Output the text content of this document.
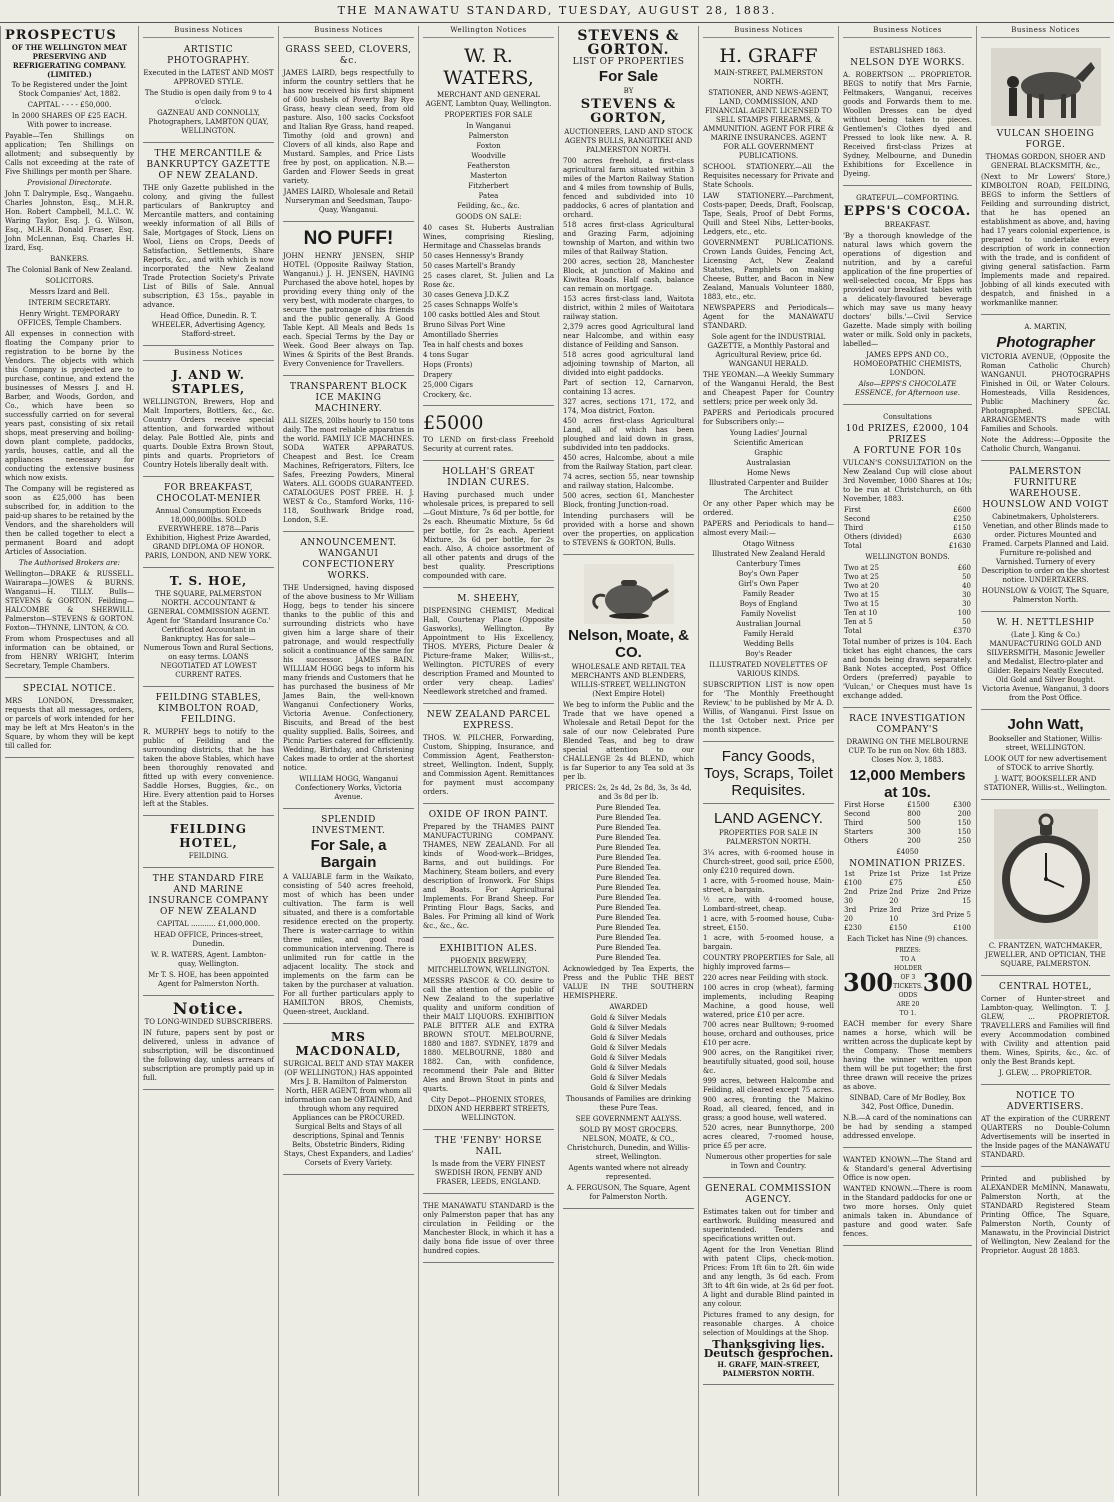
THE MANAWATU STANDARD, TUESDAY, AUGUST 28, 1883.
PROSPECTUS
OF THE WELLINGTON MEAT PRESERVING AND REFRIGERATING COMPANY. (LIMITED.)

To be Registered under the Joint Stock Companies' Act, 1882.

CAPITAL - - - - £50,000.

In 2000 SHARES OF £25 EACH. With power to increase.

Payable—Ten Shillings on application; Ten Shillings on allotment; and subsequently by Calls not exceeding at the rate of Five Shillings per month per Share.

Provisional Directorate.

John T. Dalrymple, Esq., Wangaehu. Charles Johnston, Esq., M.H.R. Hon. Robert Campbell, M.L.C. W. Waring Taylor, Esq. J. G. Wilson, Esq., M.H.R. Donald Fraser, Esq. John McLennan, Esq. Charles H. Izard, Esq.

BANKERS.

The Colonial Bank of New Zealand.

SOLICITORS.

Messrs Izard and Bell.

INTERIM SECRETARY.

Henry Wright. TEMPORARY OFFICES, Temple Chambers.

All expenses in connection with floating the Company prior to registration to be borne by the Vendors. The objects with which this Company is projected are to purchase, continue, and extend the businesses of Messrs J. and H. Barber, and Woods, Gordon, and Co., which have been so successfully carried on for several years past, consisting of six retail shops, meat preserving and boiling-down plant complete, paddocks, yards, houses, cattle, and all the appliances necessary for conducting the extensive business which now exists.

The Company will be registered as soon as £25,000 has been subscribed for, in addition to the paid-up shares to be retained by the Vendors, and the shareholders will then be called together to elect a permanent Board and adopt Articles of Association.

The Authorised Brokers are:

Wellington—DRAKE & RUSSELL. Wairarapa—JOWES & BURNS. Wanganui—H. TILLY. Bulls—STEVENS & GORTON. Feilding—HALCOMBE & SHERWILL. Palmerston—STEVENS & GORTON. Foxton—THYNNE, LINTON, & CO.

From whom Prospectuses and all information can be obtained, or from HENRY WRIGHT, Interim Secretary, Temple Chambers.

SPECIAL NOTICE.

MRS LONDON, Dressmaker, requests that all messages, orders, or parcels of work intended for her may be left at Mrs Heaton's in the Square, by whom they will be kept till called for.

Business Notices
ARTISTIC PHOTOGRAPHY.

Executed in the LATEST AND MOST APPROVED STYLE.

The Studio is open daily from 9 to 4 o'clock.

GAZNEAU AND CONNOLLY, Photographers, LAMBTON QUAY, WELLINGTON.

THE MERCANTILE & BANKRUPTCY GAZETTE OF NEW ZEALAND.

THE only Gazette published in the colony, and giving the fullest particulars of Bankruptcy and Mercantile matters, and containing weekly information of all Bills of Sale, Mortgages of Stock, Liens on Wool, Liens on Crops, Deeds of Satisfaction, Settlements, Share Reports, &c., and with which is now incorporated the New Zealand Trade Protection Society's Private List of Bills of Sale. Annual subscription, £3 15s., payable in advance.

Head Office, Dunedin. R. T. WHEELER, Advertising Agency, Stafford-street.

Business Notices
J. AND W. STAPLES,

WELLINGTON, Brewers, Hop and Malt Importers, Bottlers, &c., &c. Country Orders receive special attention, and forwarded without delay. Pale Bottled Ale, pints and quarts. Double Extra Brown Stout, pints and quarts. Proprietors of Country Hotels liberally dealt with.

FOR BREAKFAST, CHOCOLAT-MENIER

Annual Consumption Exceeds 18,000,000lbs. SOLD EVERYWHERE. 1878—Paris Exhibition, Highest Prize Awarded, GRAND DIPLOMA OF HONOR. PARIS, LONDON, AND NEW YORK.

T. S. HOE,

THE SQUARE, PALMERSTON NORTH. ACCOUNTANT & GENERAL COMMISSION AGENT. Agent for 'Standard Insurance Co.' Certificated Accountant in Bankruptcy. Has for sale—Numerous Town and Rural Sections, on easy terms. LOANS NEGOTIATED AT LOWEST CURRENT RATES.

FEILDING STABLES, KIMBOLTON ROAD, FEILDING.

R. MURPHY begs to notify to the public of Feilding and the surrounding districts, that he has taken the above Stables, which have been thoroughly renovated and fitted up with every convenience. Saddle Horses, Buggies, &c., on Hire. Every attention paid to Horses left at the Stables.

FEILDING HOTEL,

FEILDING.

THE STANDARD FIRE AND MARINE INSURANCE COMPANY OF NEW ZEALAND

CAPITAL ........... £1,000,000.

HEAD OFFICE, Princes-street, Dunedin.

W. R. WATERS, Agent. Lambton-quay, Wellington.

Mr T. S. HOE, has been appointed Agent for Palmerston North.

Notice.

TO LONG-WINDED SUBSCRIBERS.

IN future, papers sent by post or delivered, unless in advance of subscription, will be discontinued the following day, unless arrears of subscription are promptly paid up in full.

Business Notices
GRASS SEED, CLOVERS, &c.

JAMES LAIRD, begs respectfully to inform the country settlers that he has now received his first shipment of 600 bushels of Poverty Bay Rye Grass, heavy clean seed, from old pasture. Also, 100 sacks Cocksfoot and Italian Rye Grass, hand reaped. Timothy (old and grown) and Clovers of all kinds, also Rape and Mustard. Samples, and Price Lists free by post, on application. N.B.—Garden and Flower Seeds in great variety.

JAMES LAIRD, Wholesale and Retail Nurseryman and Seedsman, Taupo-Quay, Wanganui.

NO PUFF!

JOHN HENRY JENSEN, SHIP HOTEL (Opposite Railway Station, Wanganui.) J. H. JENSEN, HAVING Purchased the above hotel, hopes by providing every thing only of the very best, with moderate charges, to secure the patronage of his friends and the public generally. A Good Table Kept. All Meals and Beds 1s each. Special Terms by the Day or Week. Good Beer always on Tap. Wines & Spirits of the Best Brands. Every Convenience for Travellers.

TRANSPARENT BLOCK ICE MAKING MACHINERY.

ALL SIZES, 20lbs hourly to 150 tons daily. The most reliable apparatus in the world. FAMILY ICE MACHINES. SODA WATER APPARATUS. Cheapest and Best. Ice Cream Machines, Refrigerators, Filters, Ice Safes, Freezing Powders, Mineral Waters. ALL GOODS GUARANTEED. CATALOGUES POST FREE. H. J. WEST & Co., Stamford Works, 116-118, Southwark Bridge road, London, S.E.

ANNOUNCEMENT.
WANGANUI CONFECTIONERY WORKS.

THE Undersigned, having disposed of the above business to Mr William Hogg, begs to tender his sincere thanks to the public of this and surrounding districts who have given him a large share of their patronage, and would respectfully solicit a continuance of the same for his successor. JAMES BAIN. WILLIAM HOGG begs to inform his many friends and Customers that he has purchased the business of Mr James Bain, the well-known Wanganui Confectionery Works, Victoria Avenue. Confectionery, Biscuits, and Bread of the best quality supplied. Balls, Soirees, and Picnic Parties catered for efficiently. Wedding, Birthday, and Christening Cakes made to order at the shortest notice.

WILLIAM HOGG, Wanganui Confectionery Works, Victoria Avenue.

SPLENDID INVESTMENT.
For Sale, a Bargain

A VALUABLE farm in the Waikato, consisting of 540 acres freehold, most of which has been under cultivation. The farm is well situated, and there is a comfortable residence erected on the property. There is water-carriage to within three miles, and good road communication intervening. There is unlimited run for cattle in the adjacent locality. The stock and implements on the farm can be taken by the purchaser at valuation. For all further particulars apply to HAMILTON BROS, Chemists, Queen-street, Auckland.

MRS MACDONALD,

SURGICAL BELT AND STAY MAKER (OF WELLINGTON,) HAS appointed Mrs J. B. Hamilton of Palmerston North, HER AGENT, from whom all information can be OBTAINED, And through whom any required Appliances can be PROCURED. Surgical Belts and Stays of all descriptions, Spinal and Tennis Belts, Obstetric Binders, Riding Stays, Chest Expanders, and Ladies' Corsets of Every Variety.

Wellington Notices
W. R. WATERS,

MERCHANT AND GENERAL AGENT, Lambton Quay, Wellington.

PROPERTIES FOR SALE

In Wanganui

Palmerston

Foxton

Woodville

Featherston

Masterton

Fitzherbert

Patea

Feilding, &c., &c.

GOODS ON SALE:

40 cases St. Huberts Australian Wines, comprising Riesling, Hermitage and Chasselas brands

50 cases Hennessy's Brandy

50 cases Martell's Brandy

25 cases claret, St. Julien and La Rose &c.

30 cases Geneva J.D.K.Z

25 cases Schnapps Wolfe's

100 casks bottled Ales and Stout

Bruno Silvas Port Wine

Amontillado Sherries

Tea in half chests and boxes

4 tons Sugar

Hops (Fronts)

Drapery

25,000 Cigars

Crockery, &c.

£5000

TO LEND on first-class Freehold Security at current rates.

HOLLAH'S GREAT INDIAN CURES.

Having purchased much under wholesale prices, is prepared to sell—Gout Mixture, 7s 6d per bottle, for 2s each. Rheumatic Mixture, 5s 6d per bottle, for 2s each. Aperient Mixture, 3s 6d per bottle, for 2s each. Also, A choice assortment of all other patents and drugs of the best quality. Prescriptions compounded with care.

M. SHEEHY,

DISPENSING CHEMIST, Medical Hall, Courtenay Place (Opposite Gasworks), Wellington. By Appointment to His Excellency, THOS. MYERS, Picture Dealer & Picture-frame Maker, Willis-st., Wellington. PICTURES of every description Framed and Mounted to order very cheap. Ladies' Needlework stretched and framed.

NEW ZEALAND PARCEL EXPRESS.

THOS. W. PILCHER, Forwarding, Custom, Shipping, Insurance, and Commission Agent, Featherston-street, Wellington. Indent, Supply, and Commission Agent. Remittances for payment must accompany orders.

OXIDE OF IRON PAINT.

Prepared by the THAMES PAINT MANUFACTURING COMPANY. THAMES, NEW ZEALAND. For all kinds of Wood-work—Bridges, Barns, and out buildings. For Machinery, Steam boilers, and every description of Ironwork. For Ships and Boats. For Agricultural Implements. For Brand Sheep. For Printing Flour Bags, Sacks, and Bales. For Priming all kind of Work &c., &c., &c.

EXHIBITION ALES.

PHOENIX BREWERY, MITCHELLTOWN, WELLINGTON.

MESSRS PASCOE & CO. desire to call the attention of the public of New Zealand to the superlative quality and uniform condition of their MALT LIQUORS. EXHIBITION PALE BITTER ALE and EXTRA BROWN STOUT. MELBOURNE, 1880 and 1887. SYDNEY, 1879 and 1880. MELBOURNE, 1880 and 1882. Can, with confidence, recommend their Pale and Bitter Ales and Brown Stout in pints and quarts.

City Depot—PHOENIX STORES, DIXON AND HERBERT STREETS, WELLINGTON.

THE 'FENBY' HORSE NAIL

Is made from the VERY FINEST SWEDISH IRON, FENBY AND FRASER, LEEDS, ENGLAND.

THE MANAWATU STANDARD is the only Palmerston paper that has any circulation in Feilding or the Manchester Block, in which it has a daily bona fide issue of over three hundred copies.

STEVENS & GORTON.
LIST OF PROPERTIES
For Sale

BY

STEVENS & GORTON,

AUCTIONEERS, LAND AND STOCK AGENTS BULLS, RANGITIKEI AND PALMERSTON NORTH.

700 acres freehold, a first-class agricultural farm situated within 3 miles of the Marton Railway Station and 4 miles from township of Bulls, fenced and subdivided into 10 paddocks, 6 acres of plantation and orchard.

518 acres first-class Agricultural and Grazing Farm, adjoining township of Marton, and within two miles of that Railway Station.

200 acres, section 28, Manchester Block, at junction of Makino and Kiwitea Roads. Half cash, balance can remain on mortgage.

153 acres first-class land, Waitota district, within 2 miles of Waitotara railway station.

2,379 acres good Agricultural land near Halcombe, and within easy distance of Feilding and Sanson.

518 acres good agricultural land adjoining township of Marton, all divided into eight paddocks.

Part of section 12, Carnarvon, containing 13 acres.

327 acres, sections 171, 172, and 174, Moa district, Foxton.

450 acres first-class Agricultural Land, all of which has been ploughed and laid down in grass, subdivided into ten paddocks.

450 acres, Halcombe, about a mile from the Railway Station, part clear.

74 acres, section 55, near township and railway station, Halcombe.

500 acres, section 61, Manchester Block, fronting Junction-road.

Intending purchasers will be provided with a horse and shown over the properties, on application to STEVENS & GORTON, Bulls.

Nelson, Moate, & CO.

WHOLESALE AND RETAIL TEA MERCHANTS AND BLENDERS, WILLIS-STREET, WELLINGTON (Next Empire Hotel)

We beg to inform the Public and the Trade that we have opened a Wholesale and Retail Depot for the sale of our now Celebrated Pure Blended Teas, and beg to draw special attention to our CHALLENGE 2s 4d BLEND, which is far Superior to any Tea sold at 3s per lb.

PRICES: 2s, 2s 4d, 2s 8d, 3s, 3s 4d, and 3s 8d per lb.

Pure Blended Tea.

Pure Blended Tea.

Pure Blended Tea.

Pure Blended Tea.

Pure Blended Tea.

Pure Blended Tea.

Pure Blended Tea.

Pure Blended Tea.

Pure Blended Tea.

Pure Blended Tea.

Pure Blended Tea.

Pure Blended Tea.

Pure Blended Tea.

Pure Blended Tea.

Pure Blended Tea.

Pure Blended Tea.

Acknowledged by Tea Experts, the Press and the Public THE BEST VALUE IN THE SOUTHERN HEMISPHERE.

AWARDED

Gold & Silver Medals

Gold & Silver Medals

Gold & Silver Medals

Gold & Silver Medals

Gold & Silver Medals

Gold & Silver Medals

Gold & Silver Medals

Gold & Silver Medals

Thousands of Families are drinking these Pure Teas.

SEE GOVERNMENT AALYSS.

SOLD BY MOST GROCERS. NELSON, MOATE, & CO., Christchurch, Dunedin, and Willis-street, Wellington.

Agents wanted where not already represented.

A. FERGUSON, The Square, Agent for Palmerston North.

Business Notices
H. GRAFF

MAIN-STREET, PALMERSTON NORTH.

STATIONER, AND NEWS-AGENT, LAND, COMMISSION, AND FINANCIAL AGENT. LICENSED TO SELL STAMPS FIREARMS, & AMMUNITION. AGENT FOR FIRE & MARINE INSURANCES. AGENT FOR ALL GOVERNMENT PUBLICATIONS.

SCHOOL STATIONERY.—All the Requisites necessary for Private and State Schools.

LAW STATIONERY.—Parchment, Costs-paper, Deeds, Draft, Foolscap, Tape, Seals, Proof of Debt Forms, Quill and Steel Nibs, Letter-books, Ledgers, etc., etc.

GOVERNMENT PUBLICATIONS. Crown Lands Guides, Fencing Act, Licensing Act, New Zealand Statutes, Pamphlets on making Cheese, Butter, and Bacon in New Zealand, Manuals Volunteer 1880, 1883, etc., etc.

NEWSPAPERS and Periodicals—Agent for the MANAWATU STANDARD.

Sole agent for the INDUSTRIAL GAZETTE, a Monthly Pastoral and Agricultural Review, price 6d. WANGANUI HERALD.

THE YEOMAN.—A Weekly Summary of the Wanganui Herald, the Best and Cheapest Paper for Country settlers; price per week only 3d.

PAPERS and Periodicals procured for Subscribers only:—

Young Ladies' Journal

Scientific American

Graphic

Australasian

Home News

Illustrated Carpenter and Builder

The Architect

Or any other Paper which may be ordered.

PAPERS and Periodicals to hand—almost every Mail:—

Otago Witness

Illustrated New Zealand Herald

Canterbury Times

Boy's Own Paper

Girl's Own Paper

Family Reader

Boys of England

Family Novelist

Australian Journal

Family Herald

Wedding Bells

Boy's Reader

ILLUSTRATED NOVELETTES OF VARIOUS KINDS.

SUBSCRIPTION LIST is now open for 'The Monthly Freethought Review,' to be published by Mr A. D. Willis, of Wanganui. First Issue on the 1st October next. Price per month sixpence.

Fancy Goods, Toys, Scraps, Toilet Requisites.
LAND AGENCY.

PROPERTIES FOR SALE IN PALMERSTON NORTH.

3¼ acres, with 6-roomed house in Church-street, good soil, price £500, only £210 required down.

1 acre, with 5-roomed house, Main-street, a bargain.

½ acre, with 4-roomed house, Lombard-street, cheap.

1 acre, with 5-roomed house, Cuba-street, £150.

1 acre, with 5-roomed house, a bargain.

COUNTRY PROPERTIES for Sale, all highly improved farms—

220 acres near Feilding with stock.

100 acres in crop (wheat), farming implements, including Reaping Machine, a good house, well watered, price £10 per acre.

700 acres near Bulltown; 9-roomed house, orchard and outhouses, price £10 per acre.

900 acres, on the Rangitikei river, beautifully situated, good soil, house &c.

999 acres, between Halcombe and Feilding, all cleared except 75 acres.

900 acres, fronting the Makino Road, all cleared, fenced, and in grass; a good house, well watered.

520 acres, near Bunnythorpe, 200 acres cleared, 7-roomed house, price £5 per acre.

Numerous other properties for sale in Town and Country.

GENERAL COMMISSION AGENCY.

Estimates taken out for timber and earthwork. Building measured and superintended. Tenders and specifications written out.

Agent for the Iron Venetian Blind with patent Clips, check-motion. Prices: From 1ft 6in to 2ft. 6in wide and any length, 3s 6d each. From 3ft to 4ft 6in wide, at 2s 6d per foot. A light and durable Blind painted in any colour.

Pictures framed to any design, for reasonable charges. A choice selection of Mouldings at the Shop.

Thanksgiving lies. Deutsch gesprochen.

H. GRAFF, MAIN-STREET, PALMERSTON NORTH.

Business Notices

ESTABLISHED 1863.

NELSON DYE WORKS.

A. ROBERTSON ... PROPRIETOR. BEGS to notify that Mrs Farnie, Feltmakers, Wanganui, receives goods and Forwards them to me. Woollen Dresses can be dyed without being taken to pieces. Gentlemen's Clothes dyed and Pressed to look like new. A. R. Received first-class Prizes at Sydney, Melbourne, and Dunedin Exhibitions for Excellence in Dyeing.

GRATEFUL—COMFORTING.

EPPS'S COCOA.

BREAKFAST.

'By a thorough knowledge of the natural laws which govern the operations of digestion and nutrition, and by a careful application of the fine properties of well-selected cocoa, Mr Epps has provided our breakfast tables with a delicately-flavoured beverage which may save us many heavy doctors' bills.'—Civil Service Gazette. Made simply with boiling water or milk. Sold only in packets, labelled—

JAMES EPPS AND CO., HOMOEOPATHIC CHEMISTS, LONDON.

Also—EPPS'S CHOCOLATE ESSENCE, for Afternoon use.

Consultations

10d PRIZES, £2000, 104 PRIZES
A FORTUNE FOR 10s

VULCAN'S CONSULTATION on the New Zealand Cup will close about 3rd November, 1000 Shares at 10s; to be run at Christchurch, on 6th November, 1883.

First	£600
Second	£250
Third	£150
Others (divided)	£630
Total	£1630

WELLINGTON BONDS.

Two at 25	£60
Two at 25	50
Two at 20	40
Two at 15	30
Two at 15	30
Ten at 10	100
Ten at 5	50
Total	£370

Total number of prizes is 104. Each ticket has eight chances, the cars and bonds being drawn separately. Bank Notes accepted, Post Office Orders (preferred) payable to 'Vulcan,' or Cheques must have 1s exchange added.

RACE INVESTIGATION COMPANY'S

DRAWING ON THE MELBOURNE CUP. To be run on Nov. 6th 1883. Closes Nov. 3, 1883.

12,000 Members at 10s.
First Horse	£1500	£300
Second	800	200
Third	500	150
Starters	300	150
Others	200	250

£4050

NOMINATION PRIZES.
1st Prize £100	1st Prize £75	1st Prize £50
2nd Prize 30	2nd Prize 20	2nd Prize 15
3rd Prize 20	3rd Prize 10	3rd Prize 5
£230	£150	£100

Each Ticket has Nine (9) chances.

300
PRIZES: TO A HOLDER OF 3 TICKETS. ODDS ARE 20 TO 1.
300

EACH member for every Share names a horse, which will be written across the duplicate kept by the Company. Those members having the winner written upon them will be put together; the first three drawn will receive the prizes as above.

SINBAD, Care of Mr Bodley, Box 342, Post Office, Dunedin.

N.B.—A card of the nominations can be had by sending a stamped addressed envelope.

WANTED KNOWN.—The Stand ard & Standard's general Advertising Office is now open.

WANTED KNOWN.—There is room in the Standard paddocks for one or two more horses. Only quiet animals taken in. Abundance of pasture and good water. Safe fences.

Business Notices
VULCAN SHOEING FORGE.

THOMAS GORDON, SHOER AND GENERAL BLACKSMITH, &c.,

(Next to Mr Lowers' Store,) KIMBOLTON ROAD, FEILDING, BEGS to inform the Settlers of Feilding and surrounding district, that he has opened an establishment as above, and, having had 17 years colonial experience, is prepared to undertake every description of work in connection with the trade, and is confident of giving general satisfaction. Farm Implements made and repaired. Jobbing of all kinds executed with despatch, and finished in a workmanlike manner.

A. MARTIN,

Photographer

VICTORIA AVENUE, (Opposite the Roman Catholic Church) WANGANUI. PHOTOGRAPHS Finished in Oil, or Water Colours. Homesteads, Villa Residences, Public Machinery &c. Photographed. SPECIAL ARRANGEMENTS made with Families and Schools.

Note the Address:—Opposite the Catholic Church, Wanganui.

PALMERSTON FURNITURE WAREHOUSE.
HOUNSLOW AND VOIGT

Cabinetmakers, Upholsterers. Venetian, and other Blinds made to order. Pictures Mounted and Framed. Carpets Planned and Laid. Furniture re-polished and Varnished. Turnery of every Description to order on the shortest notice. UNDERTAKERS.

HOUNSLOW & VOIGT, The Square, Palmerston North.

W. H. NETTLESHIP

(Late J. King & Co.) MANUFACTURING GOLD AND SILVERSMITH, Masonic Jeweller and Medalist, Electro-plater and Gilder. Repairs Neatly Executed. Old Gold and Silver Bought. Victoria Avenue, Wanganui, 3 doors from the Post Office.

John Watt,

Bookseller and Stationer, Willis-street, WELLINGTON.

LOOK OUT for new advertisement of STOCK to arrive Shortly.

J. WATT, BOOKSELLER AND STATIONER, Willis-st., Wellington.

C. FRANTZEN, WATCHMAKER, JEWELLER, AND OPTICIAN, THE SQUARE, PALMERSTON.

CENTRAL HOTEL,

Corner of Hunter-street and Lambton-quay, Wellington. T. J. GLEW, ... PROPRIETOR. TRAVELLERS and Families will find every Accommodation combined with Civility and attention paid them. Wines, Spirits, &c., &c. of only the Best Brands kept.

J. GLEW, ... PROPRIETOR.

NOTICE TO ADVERTISERS.

AT the expiration of the CURRENT QUARTERS no Double-Column Advertisements will be inserted in the Inside pages of the MANAWATU STANDARD.

Printed and published by ALEXANDER McMINN, Manawatu, Palmerston North, at the STANDARD Registered Steam Printing Office, The Square, Palmerston North, County of Manawatu, in the Provincial District of Wellington, New Zealand for the Proprietor. August 28 1883.
